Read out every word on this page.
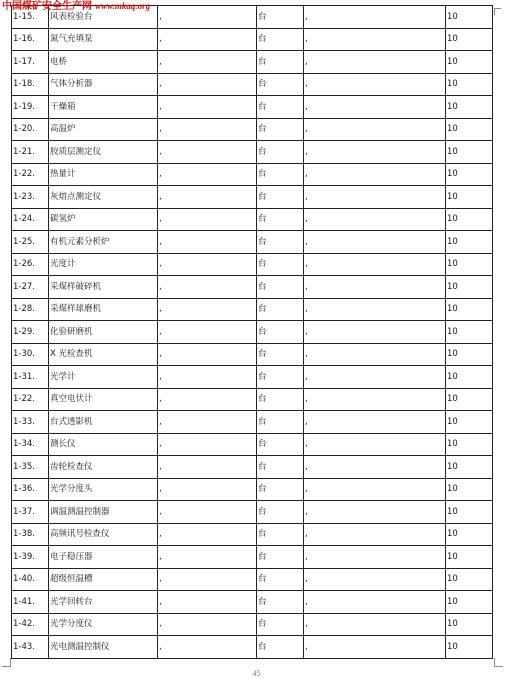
中国煤矿安全生产网 www.mkaq.org
1-15.	风表检验台	,	台	,	10
1-16.	氮气充填泵	,	台	,	10
1-17.	电桥	,	台	,	10
1-18.	气体分析器	,	台	,	10
1-19.	干燥箱	,	台	,	10
1-20.	高温炉	,	台	,	10
1-21.	胶质层测定仪	,	台	,	10
1-22.	热量计	,	台	,	10
1-23.	灰熔点测定仪	,	台	,	10
1-24.	碳氢炉	,	台	,	10
1-25.	有机元素分析炉	,	台	,	10
1-26.	光度计	,	台	,	10
1-27.	采煤样破碎机	,	台	,	10
1-28.	采煤样球磨机	,	台	,	10
1-29.	化验研磨机	,	台	,	10
1-30.	X 光检查机	,	台	,	10
1-31.	光学计	,	台	,	10
1-22.	真空电伏计	,	台	,	10
1-33.	台式透影机	,	台	,	10
1-34.	测长仪	,	台	,	10
1-35.	齿轮检查仪	,	台	,	10
1-36.	光学分度头	,	台	,	10
1-37.	调温测温控制器	,	台	,	10
1-38.	高频讯号检查仪	,	台	,	10
1-39.	电子稳压器	,	台	,	10
1-40.	超级恒温槽	,	台	,	10
1-41.	光学回转台	,	台	,	10
1-42.	光学分度仪	,	台	,	10
1-43.	光电测温控制仪	,	台	,	10
45
